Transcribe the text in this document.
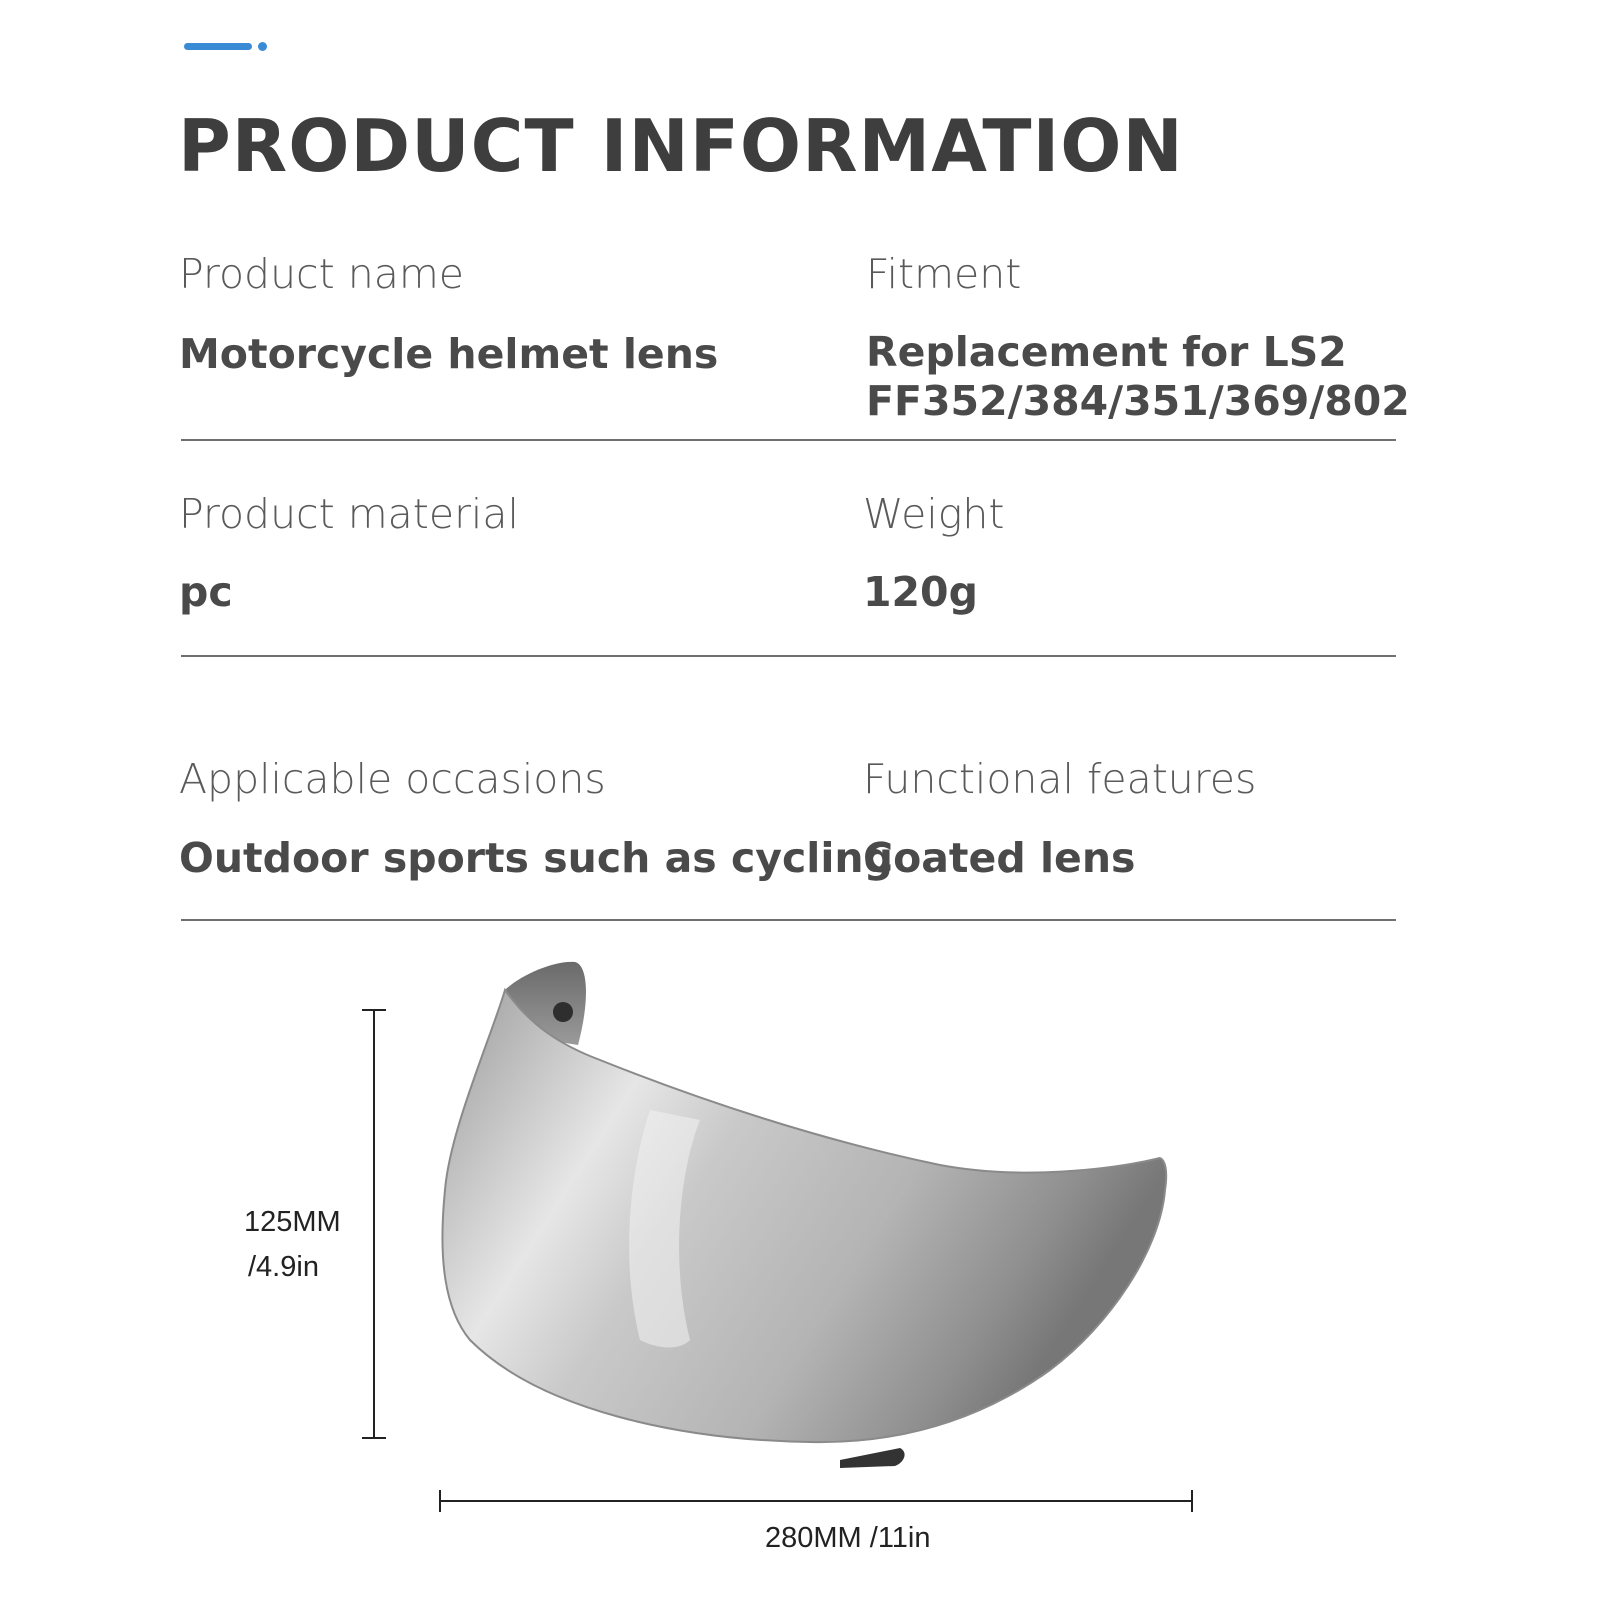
PRODUCT INFORMATION
Product name
Motorcycle helmet lens
Fitment
Replacement for LS2
FF352/384/351/369/802
Product material
pc
Weight
120g
Applicable occasions
Outdoor sports such as cycling
Functional features
Coated lens
125MM
/4.9in
280MM /11in
